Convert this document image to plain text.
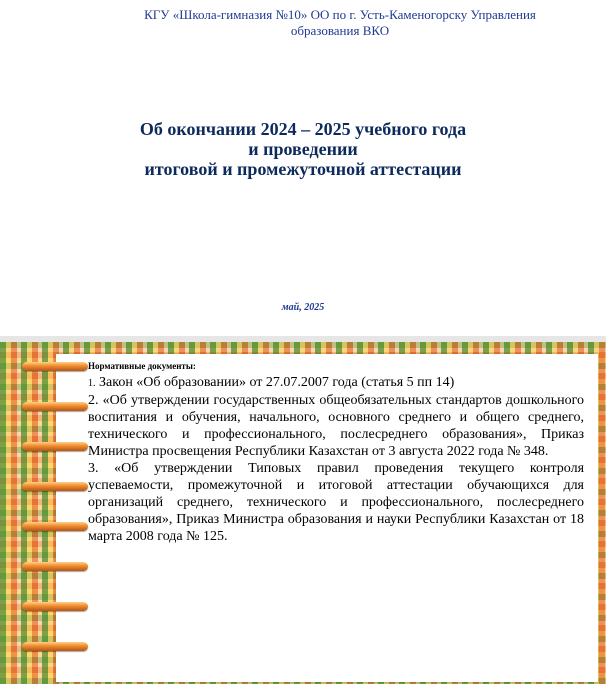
КГУ «Школа-гимназия №10» ОО по г. Усть-Каменогорску Управления образования ВКО
Об окончании 2024 – 2025 учебного года
и проведении
итоговой и промежуточной аттестации
май, 2025

Нормативные документы:

1. Закон «Об образовании» от 27.07.2007 года (статья 5 пп 14)

2. «Об утверждении государственных общеобязательных стандартов дошкольного воспитания и обучения, начального, основного среднего и общего среднего, технического и профессионального, послесреднего образования», Приказ Министра просвещения Республики Казахстан от 3 августа 2022 года № 348.

3. «Об утверждении Типовых правил проведения текущего контроля успеваемости, промежуточной и итоговой аттестации обучающихся для организаций среднего, технического и профессионального, послесреднего образования», Приказ Министра образования и науки Республики Казахстан от 18 марта 2008 года № 125.
